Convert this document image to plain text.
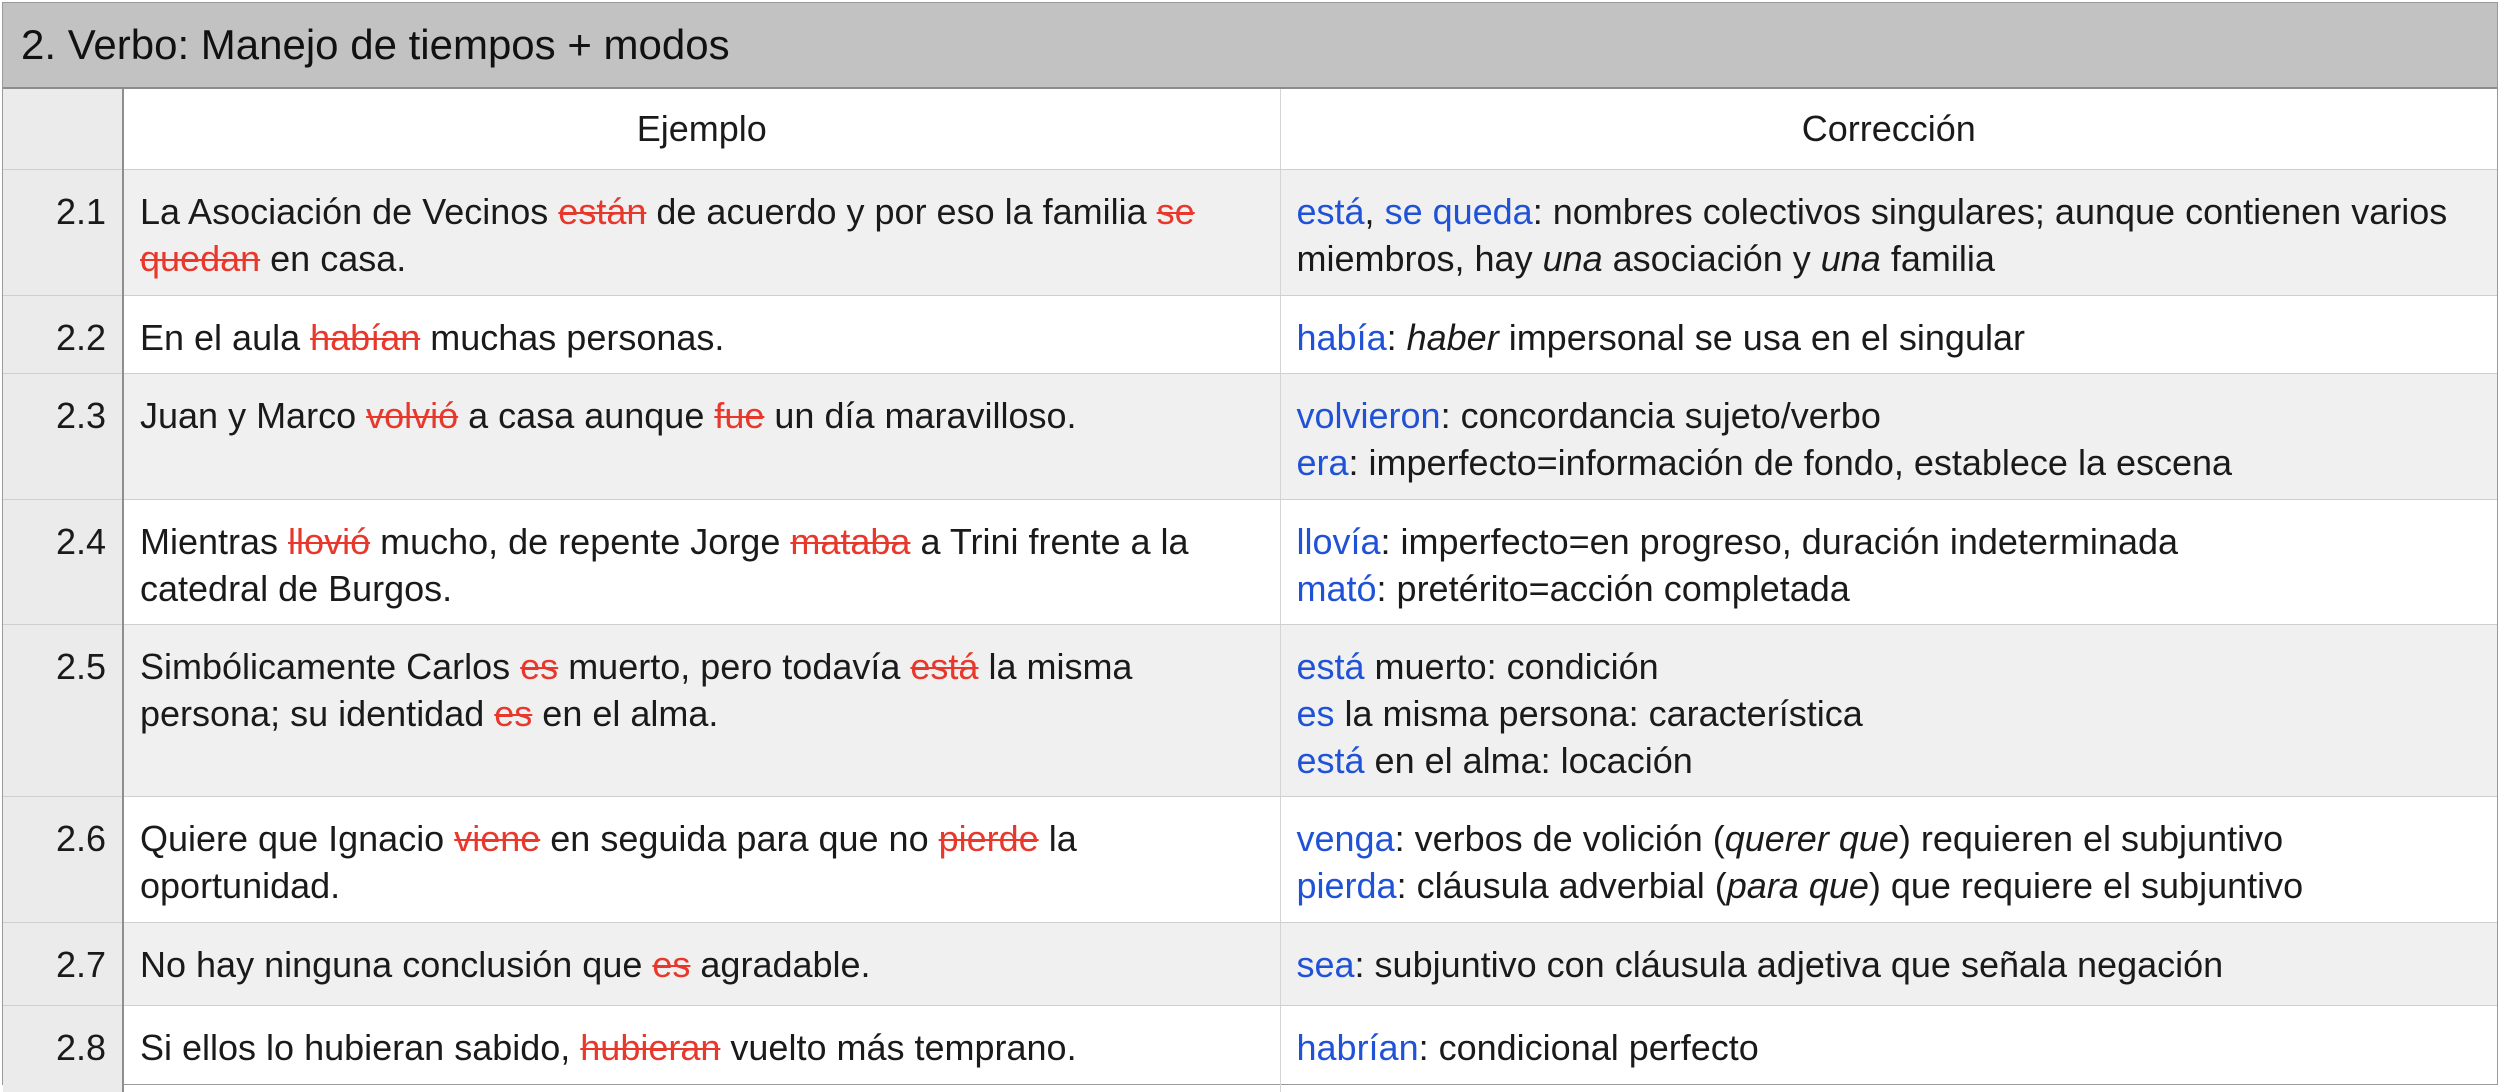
2. Verbo: Manejo de tiempos + modos
	Ejemplo	Corrección
2.1	La Asociación de Vecinos están de acuerdo y por eso la familia se quedan en casa.	está, se queda: nombres colectivos singulares; aunque contienen varios miembros, hay una asociación y una familia

2.2	En el aula habían muchas personas.	había: haber impersonal se usa en el singular

2.3	Juan y Marco volvió a casa aunque fue un día maravilloso.	volvieron: concordancia sujeto/verbo
era: imperfecto=información de fondo, establece la escena

2.4	Mientras llovió mucho, de repente Jorge mataba a Trini frente a la catedral de Burgos.	llovía: imperfecto=en progreso, duración indeterminada
mató: pretérito=acción completada

2.5	Simbólicamente Carlos es muerto, pero todavía está la misma persona; su identidad es en el alma.	está muerto: condición
es la misma persona: característica
está en el alma: locación

2.6	Quiere que Ignacio viene en seguida para que no pierde la oportunidad.	venga: verbos de volición (querer que) requieren el subjuntivo
pierda: cláusula adverbial (para que) que requiere el subjuntivo

2.7	No hay ninguna conclusión que es agradable.	sea: subjuntivo con cláusula adjetiva que señala negación

2.8	Si ellos lo hubieran sabido, hubieran vuelto más temprano.	habrían: condicional perfecto
